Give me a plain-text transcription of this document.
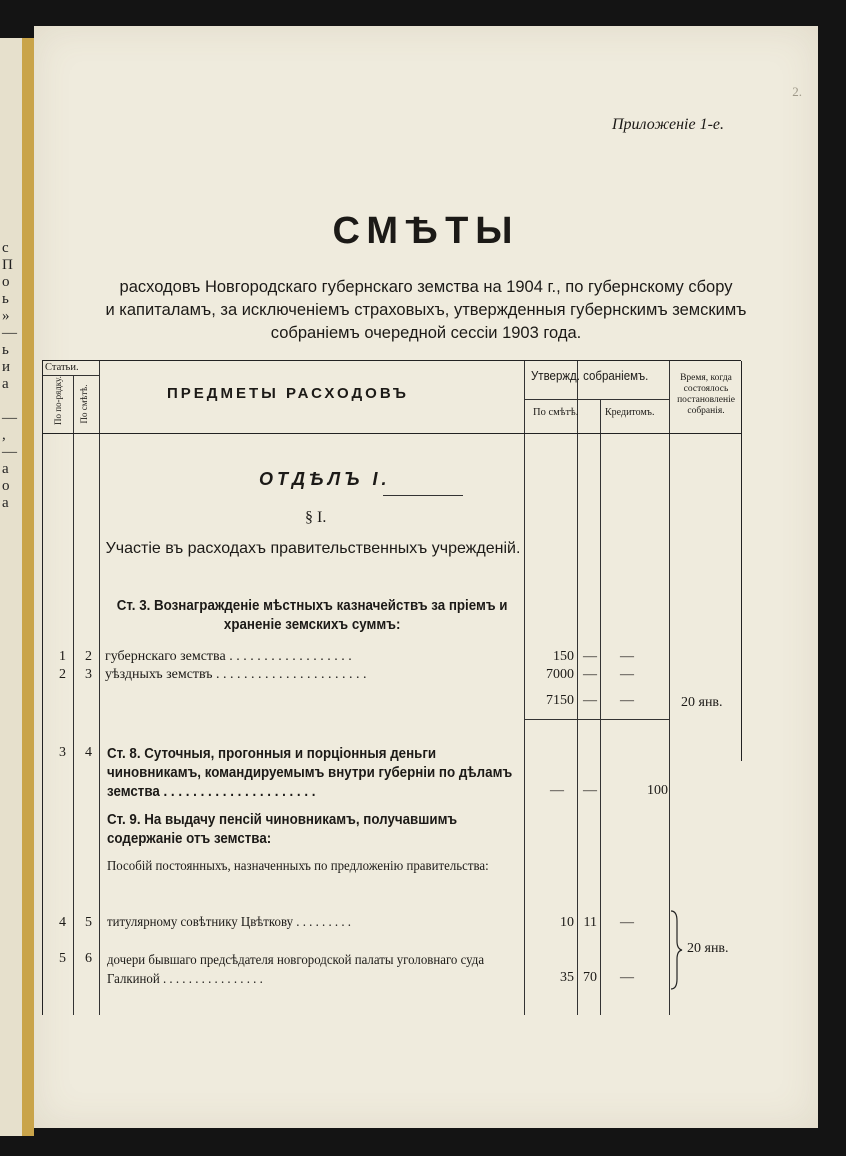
с
П
о
ь
»
—
ь
и
а

— ,
—
а
о
а
2.
Приложеніе 1-е.
СМѢТЫ
расходовъ Новгородскаго губернскаго земства на 1904 г., по губернскому сбору
и капиталамъ, за исключеніемъ страховыхъ, утвержденныя губернскимъ земскимъ
собраніемъ очередной сессіи 1903 года.
Статьи.
По по-рядку. По смѣтѣ.	ПРЕДМЕТЫ РАСХОДОВЪ
Утвержд. собраніемъ.
По смѣтѣ.	Кредитомъ.
Время, когда состоялось постановленіе собранія.
ОТДѢЛЪ I.
§ I.
Участіе въ расходахъ правительственныхъ учрежденій.
Ст. 3. Вознагражденіе мѣстныхъ казначействъ за пріемъ и храненіе земскихъ суммъ:
1 2 губернскаго земства . . . . . . . . . . . . . . . . . .	150 —	—
2 3 уѣздныхъ земствъ . . . . . . . . . . . . . . . . . . . . . .	7000 —	—
7150 —	—	20 янв.
3 4 Ст. 8. Суточныя, прогонныя и порціонныя деньги чиновникамъ, командируемымъ внутри губерніи по дѣламъ земства . . . . . . . . . . . . . . . . . . . . .	—	—	100
Ст. 9. На выдачу пенсій чиновникамъ, получавшимъ содержаніе отъ земства:
Пособій постоянныхъ, назначенныхъ по предложенію правительства:
4 5 титулярному совѣтнику Цвѣткову . . . . . . . . .	10 11	—
5 6 дочери бывшаго предсѣдателя новгородской палаты уголовнаго суда Галкиной . . . . . . . . . . . . . . . .	35 70	—
20 янв.
